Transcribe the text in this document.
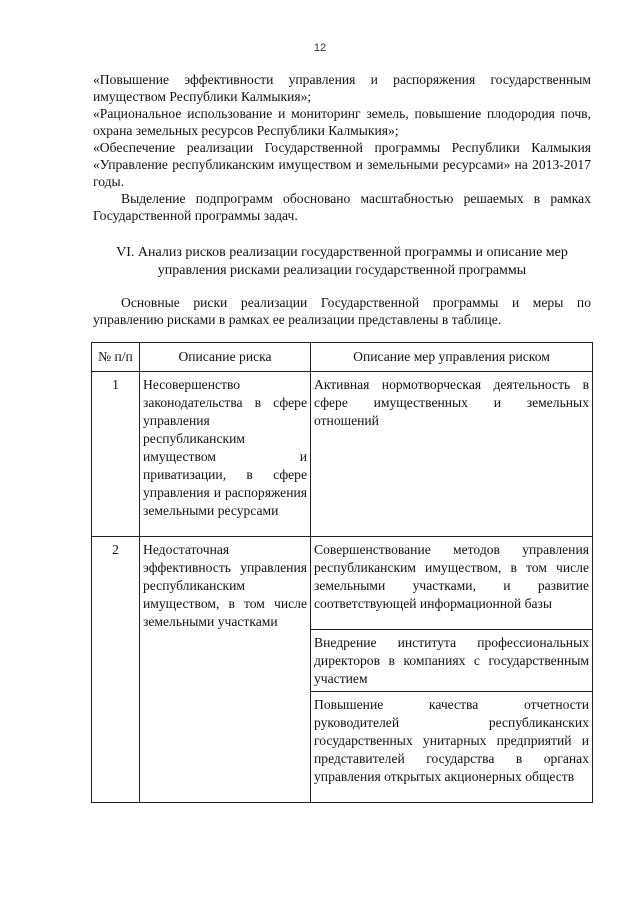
12

«Повышение эффективности управления и распоряжения государственным имуществом Республики Калмыкия»;

«Рациональное использование и мониторинг земель, повышение плодородия почв, охрана земельных ресурсов Республики Калмыкия»;

«Обеспечение реализации Государственной программы Республики Калмыкия «Управление республиканским имуществом и земельными ресурсами» на 2013-2017 годы.

Выделение подпрограмм обосновано масштабностью решаемых в рамках Государственной программы задач.

VI. Анализ рисков реализации государственной программы и описание мер управления рисками реализации государственной программы

Основные риски реализации Государственной программы и меры по управлению рисками в рамках ее реализации представлены в таблице.

№ п/п	Описание риска	Описание мер управления риском
1	Несовершенство законодательства в сфере управления республиканским имуществом и приватизации, в сфере управления и распоряжения земельными ресурсами	Активная нормотворческая деятельность в сфере имущественных и земельных отношений
2	Недостаточная эффективность управления республиканским имуществом, в том числе земельными участками	Совершенствование методов управления республиканским имуществом, в том числе земельными участками, и развитие соответствующей информационной базы
		Внедрение института профессиональных директоров в компаниях с государственным участием
		Повышение качества отчетности руководителей республиканских государственных унитарных предприятий и представителей государства в органах управления открытых акционерных обществ
